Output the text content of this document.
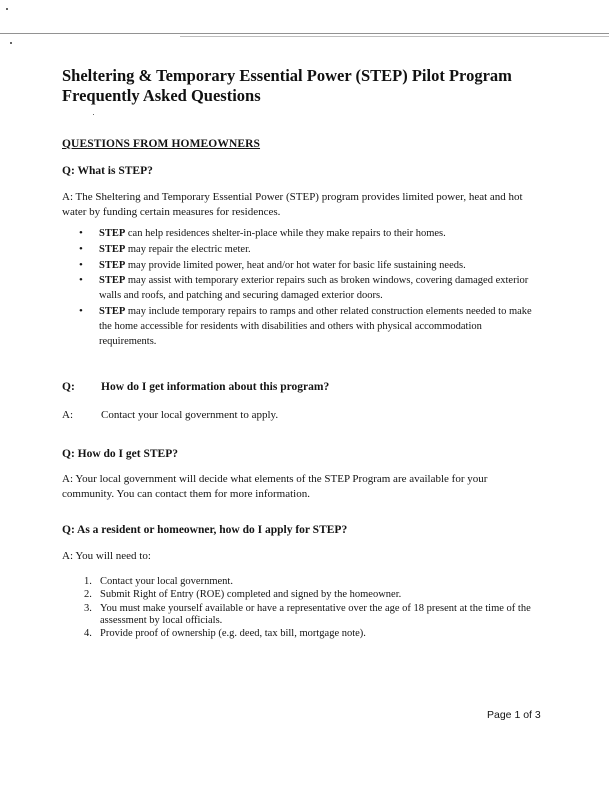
Sheltering & Temporary Essential Power (STEP) Pilot Program
Frequently Asked Questions
QUESTIONS FROM HOMEOWNERS
Q: What is STEP?

A: The Sheltering and Temporary Essential Power (STEP) program provides limited power, heat and hot water by funding certain measures for residences.

• STEP can help residences shelter-in-place while they make repairs to their homes.
• STEP may repair the electric meter.
• STEP may provide limited power, heat and/or hot water for basic life sustaining needs.
• STEP may assist with temporary exterior repairs such as broken windows, covering damaged exterior walls and roofs, and patching and securing damaged exterior doors.
• STEP may include temporary repairs to ramps and other related construction elements needed to make the home accessible for residents with disabilities and others with physical accommodation requirements.
Q: How do I get information about this program?
A:	Contact your local government to apply.
Q: How do I get STEP?

A: Your local government will decide what elements of the STEP Program are available for your community. You can contact them for more information.

Q: As a resident or homeowner, how do I apply for STEP?
A: You will need to:
1. Contact your local government.
2. Submit Right of Entry (ROE) completed and signed by the homeowner.
3. You must make yourself available or have a representative over the age of 18 present at the time of the assessment by local officials.
4. Provide proof of ownership (e.g. deed, tax bill, mortgage note).
Page 1 of 3
